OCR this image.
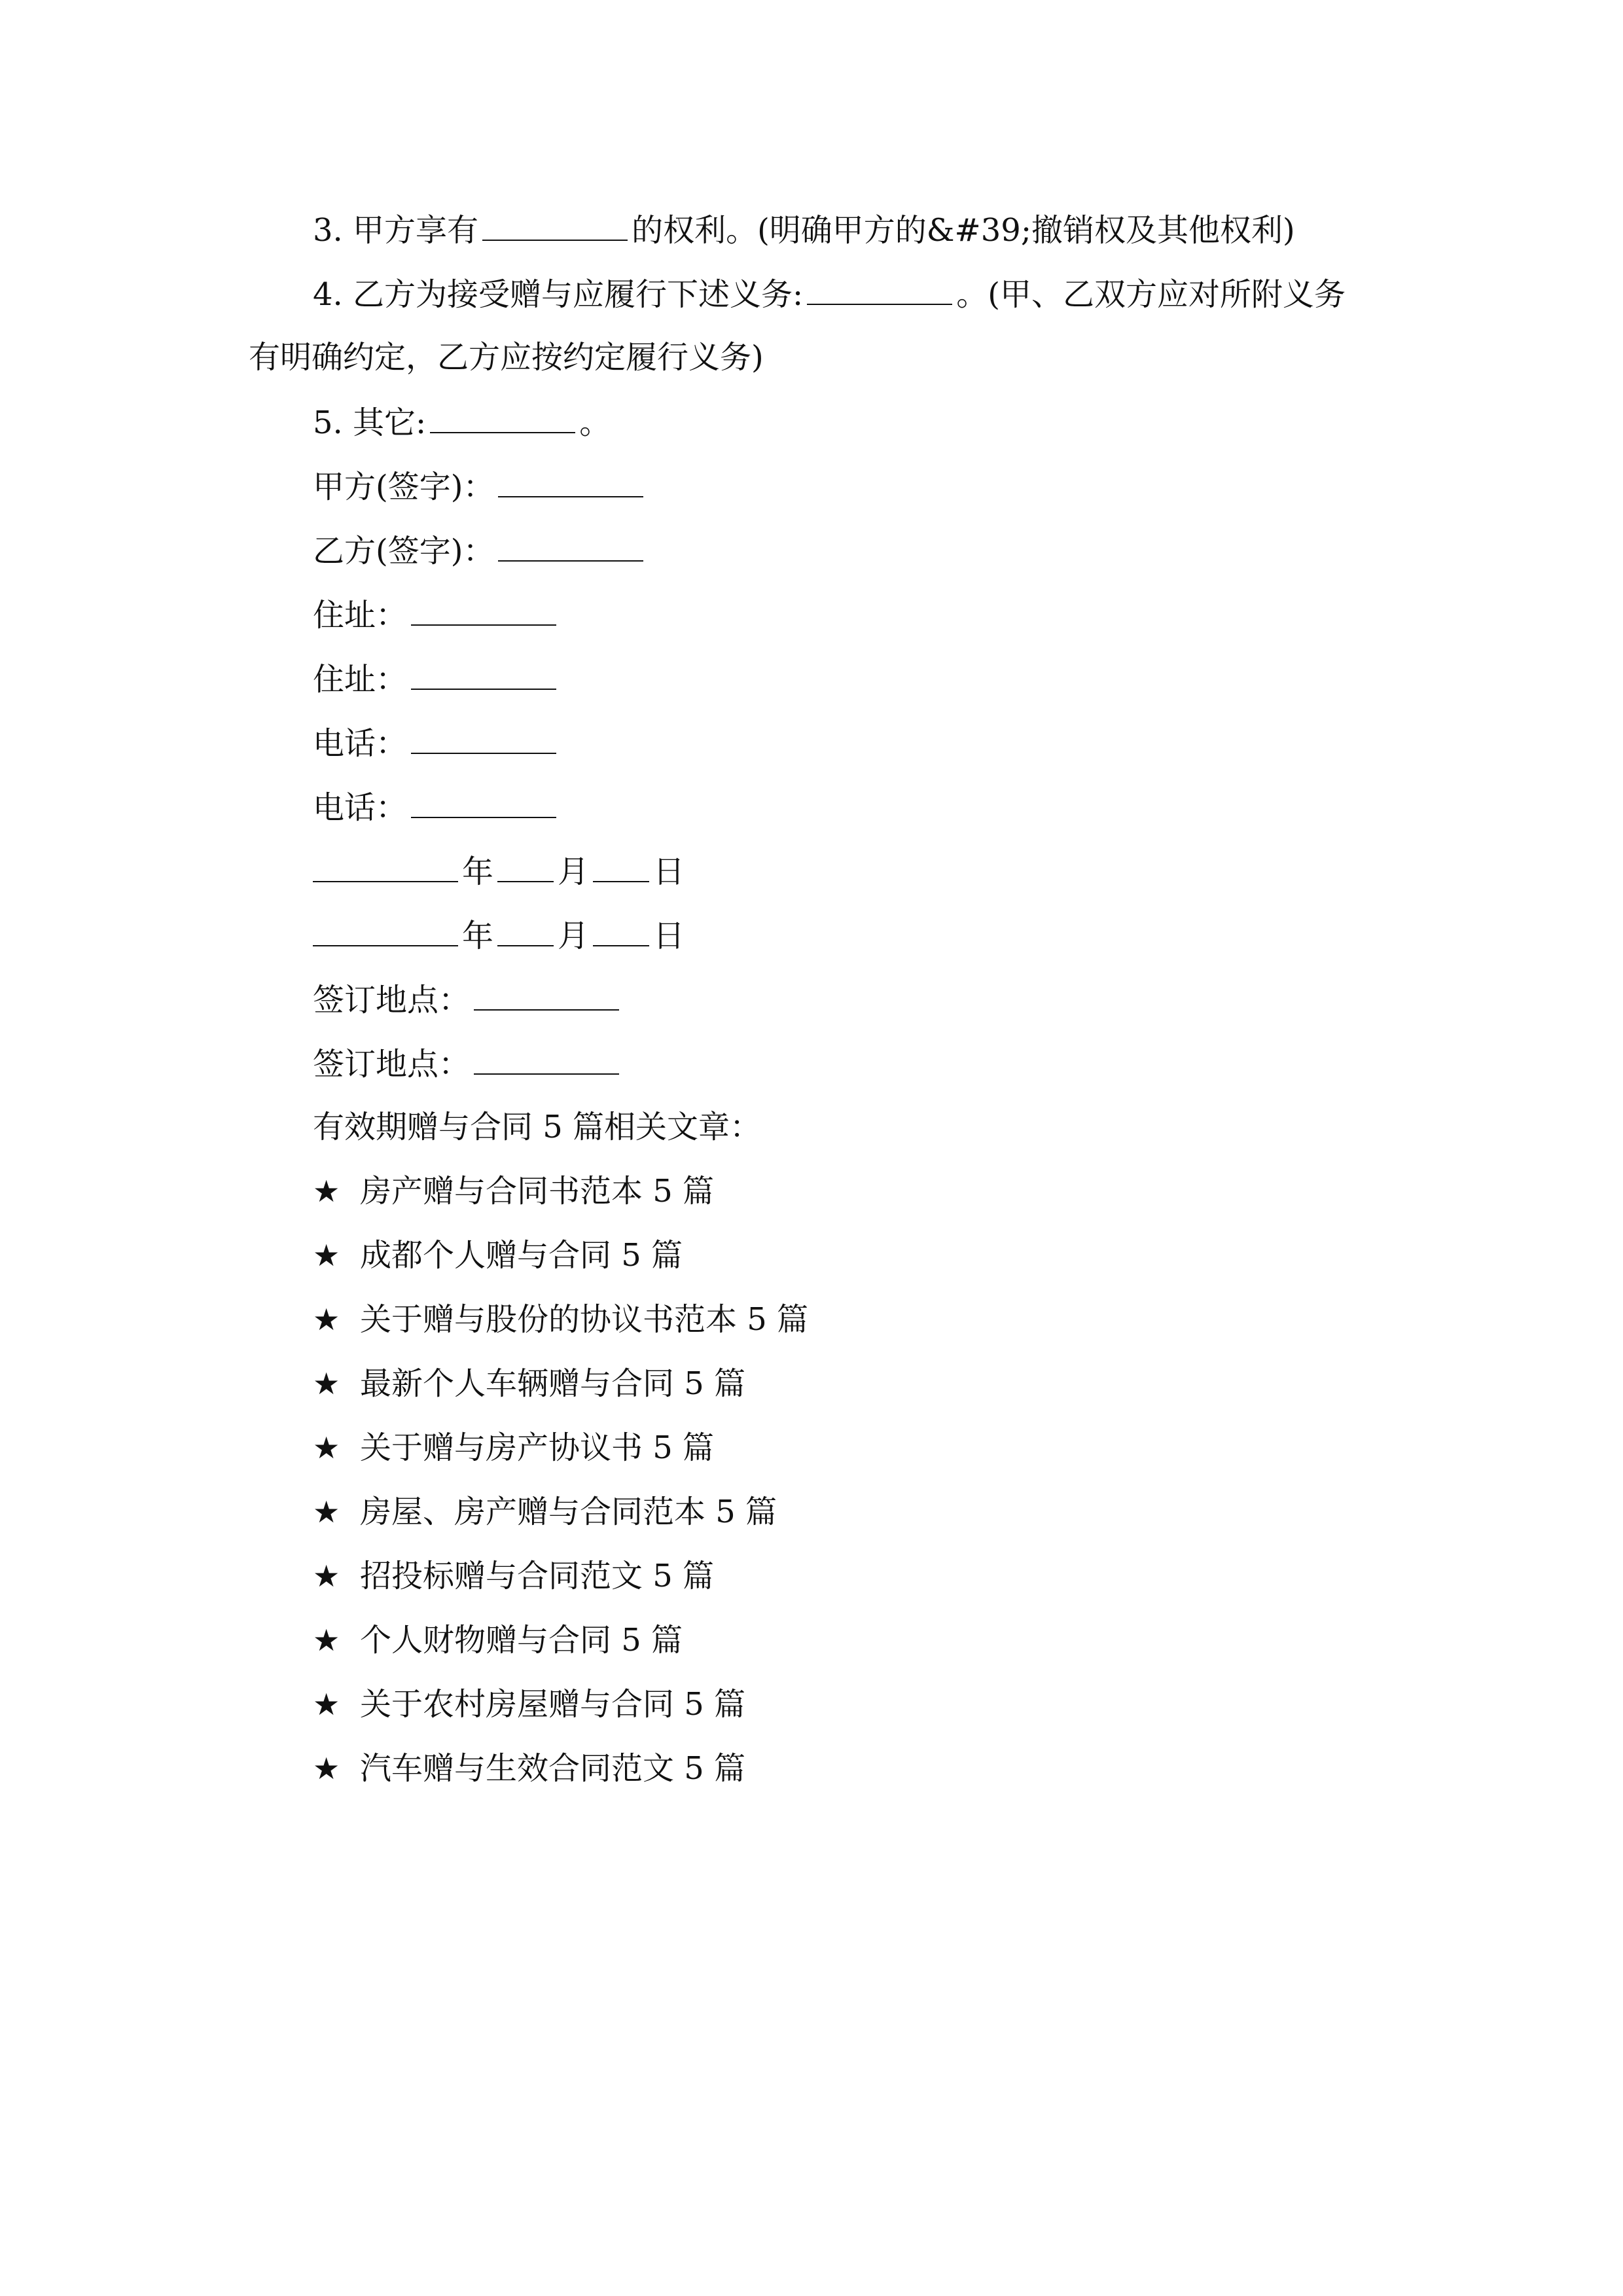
3. 甲方享有	的权利。(明确甲方的&#39;撤销权及其他权利)
4. 乙方为接受赠与应履行下述义务:	。(甲、乙双方应对所附义务
有明确约定，乙方应按约定履行义务)
5. 其它:	。
甲方(签字)：
乙方(签字)：
住址：
住址：
电话：
电话：
年 月 日
年 月 日
签订地点：
签订地点：
有效期赠与合同 5 篇相关文章：
★ 房产赠与合同书范本 5 篇
★ 成都个人赠与合同 5 篇
★ 关于赠与股份的协议书范本 5 篇
★ 最新个人车辆赠与合同 5 篇
★ 关于赠与房产协议书 5 篇
★ 房屋、房产赠与合同范本 5 篇
★ 招投标赠与合同范文 5 篇
★ 个人财物赠与合同 5 篇
★ 关于农村房屋赠与合同 5 篇
★ 汽车赠与生效合同范文 5 篇
